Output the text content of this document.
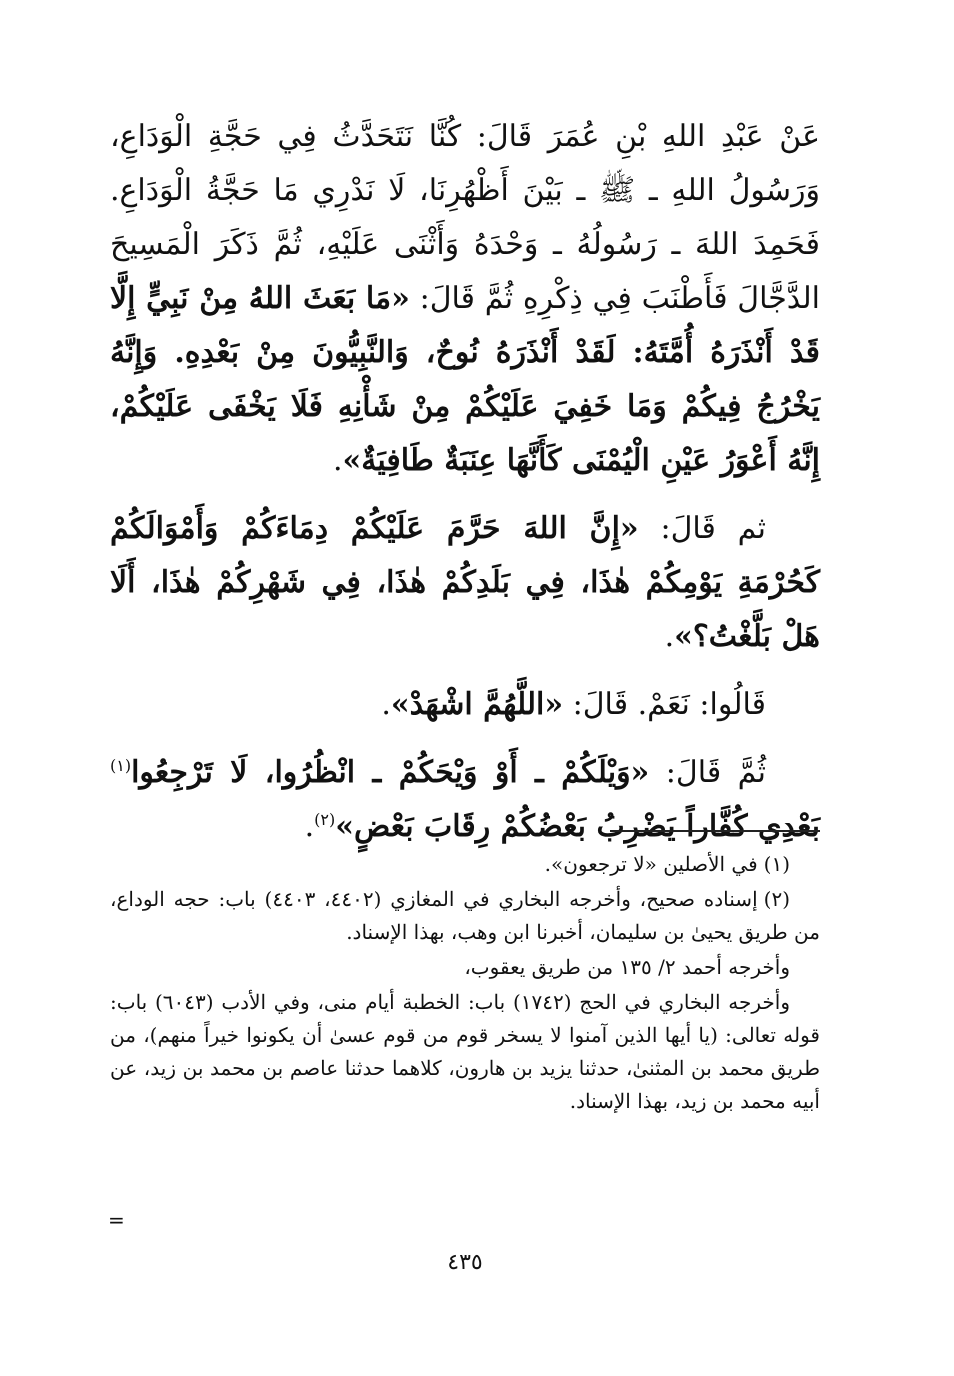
عَنْ عَبْدِ اللهِ بْنِ عُمَرَ قَالَ: كُنَّا نَتَحَدَّثُ فِي حَجَّةِ الْوَدَاعِ، وَرَسُولُ اللهِ ـ ﷺ ـ بَيْنَ أَظْهُرِنَا، لَا نَدْرِي مَا حَجَّةُ الْوَدَاعِ. فَحَمِدَ اللهَ ـ رَسُولُهُ ـ وَحْدَهُ وَأَثْنَى عَلَيْهِ، ثُمَّ ذَكَرَ الْمَسِيحَ الدَّجَّالَ فَأَطْنَبَ فِي ذِكْرِهِ ثُمَّ قَالَ: «مَا بَعَثَ اللهُ مِنْ نَبِيٍّ إِلَّا قَدْ أَنْذَرَهُ أُمَّتَهُ: لَقَدْ أَنْذَرَهُ نُوحٌ، وَالنَّبِيُّونَ مِنْ بَعْدِهِ. وَإِنَّهُ يَخْرُجُ فِيكُمْ وَمَا خَفِيَ عَلَيْكُمْ مِنْ شَأْنِهِ فَلَا يَخْفَى عَلَيْكُمْ، إِنَّهُ أَعْوَرُ عَيْنِ الْيُمْنَى كَأَنَّهَا عِنَبَةٌ طَافِيَةٌ».

ثم قَالَ: «إِنَّ اللهَ حَرَّمَ عَلَيْكُمْ دِمَاءَكُمْ وَأَمْوَالَكُمْ كَحُرْمَةِ يَوْمِكُمْ هٰذَا، فِي بَلَدِكُمْ هٰذَا، فِي شَهْرِكُمْ هٰذَا، أَلَا هَلْ بَلَّغْتُ؟».

قَالُوا: نَعَمْ. قَالَ: «اللَّهُمَّ اشْهَدْ».

ثُمَّ قَالَ: «وَيْلَكُمْ ـ أَوْ وَيْحَكُمْ ـ انْظُرُوا، لَا تَرْجِعُوا$^{(١)}$ بَعْدِي كُفَّاراً يَضْرِبُ بَعْضُكُمْ رِقَابَ بَعْضٍ»$^{(٢)}$.

(١)في الأصلين «لا ترجعون».

(٢)إسناده صحيح، وأخرجه البخاري في المغازي (٤٤٠٢، ٤٤٠٣) باب: حجه الوداع، من طريق يحيىٰ بن سليمان، أخبرنا ابن وهب، بهذا الإسناد.

وأخرجه أحمد ٢/ ١٣٥ من طريق يعقوب،

وأخرجه البخاري في الحج (١٧٤٢) باب: الخطبة أيام منى، وفي الأدب (٦٠٤٣) باب: قوله تعالى: (يا أيها الذين آمنوا لا يسخر قوم من قوم عسىٰ أن يكونوا خيراً منهم)، من طريق محمد بن المثنىٰ، حدثنا يزيد بن هارون، كلاهما حدثنا عاصم بن محمد بن زيد، عن أبيه محمد بن زيد، بهذا الإسناد.

=
٤٣٥
